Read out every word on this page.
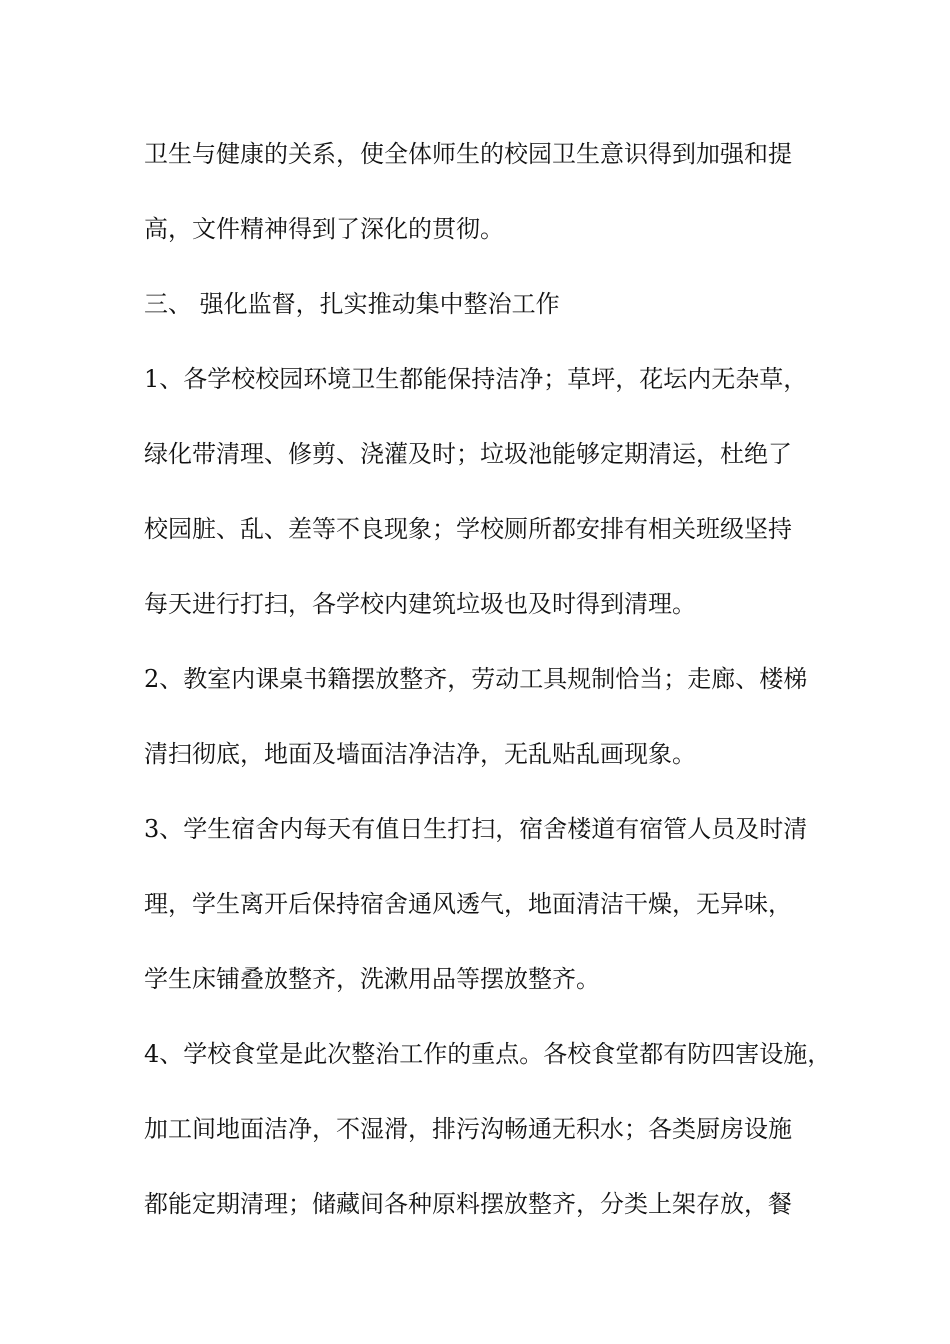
卫生与健康的关系，使全体师生的校园卫生意识得到加强和提
高，文件精神得到了深化的贯彻。
三、 强化监督，扎实推动集中整治工作
1、各学校校园环境卫生都能保持洁净；草坪，花坛内无杂草，
绿化带清理、修剪、浇灌及时；垃圾池能够定期清运，杜绝了
校园脏、乱、差等不良现象；学校厕所都安排有相关班级坚持
每天进行打扫，各学校内建筑垃圾也及时得到清理。
2、教室内课桌书籍摆放整齐，劳动工具规制恰当；走廊、楼梯
清扫彻底，地面及墙面洁净洁净，无乱贴乱画现象。
3、学生宿舍内每天有值日生打扫，宿舍楼道有宿管人员及时清
理，学生离开后保持宿舍通风透气，地面清洁干燥，无异味，
学生床铺叠放整齐，洗漱用品等摆放整齐。
4、学校食堂是此次整治工作的重点。各校食堂都有防四害设施，
加工间地面洁净，不湿滑，排污沟畅通无积水；各类厨房设施
都能定期清理；储藏间各种原料摆放整齐，分类上架存放，餐
